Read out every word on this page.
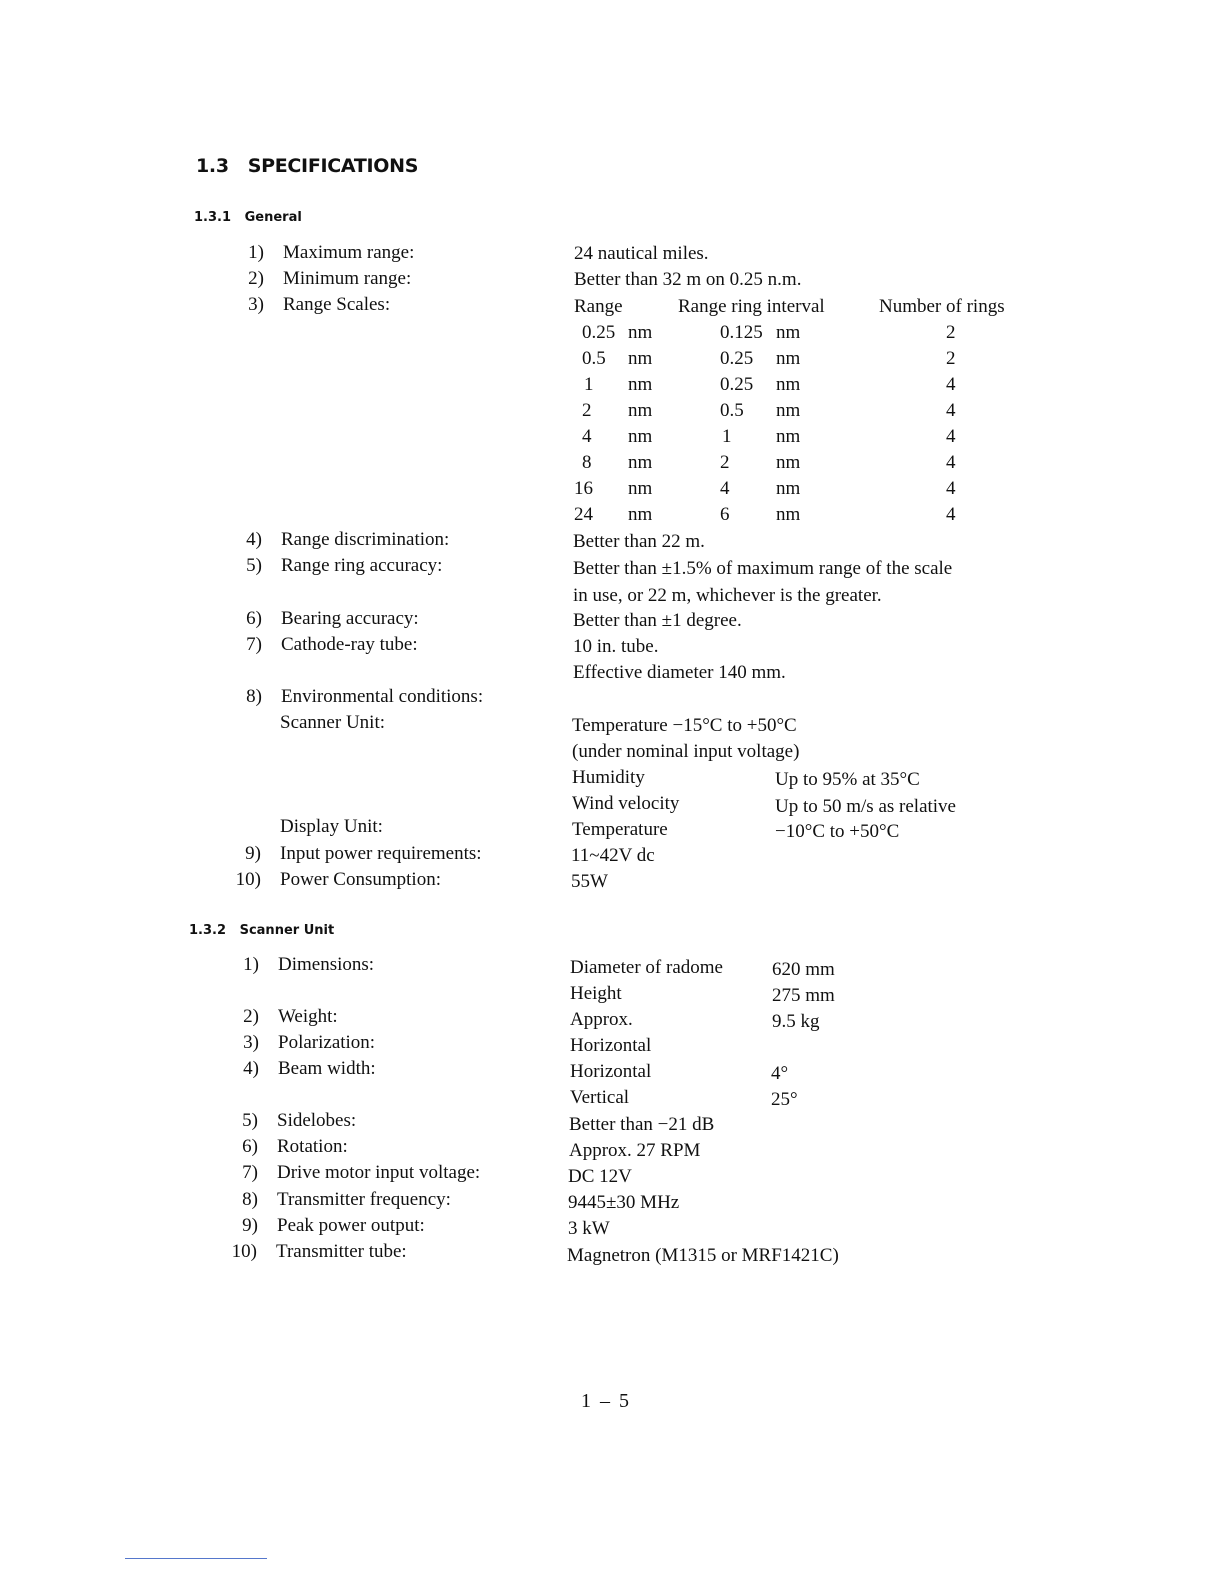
1.3 SPECIFICATIONS
1.3.1 General
1) Maximum range:	24 nautical miles.
2) Minimum range:	Better than 32 m on 0.25 n.m.
3) Range Scales:	Range	Range ring interval	Number of rings
0.25 nm	0.125 nm	2
0.5 nm	0.25 nm	2
1 nm	0.25 nm	4
2 nm	0.5 nm	4
4 nm	1 nm	4
8 nm	2 nm	4
16 nm	4 nm	4
24 nm	6 nm	4
4) Range discrimination:	Better than 22 m.
5) Range ring accuracy:	Better than ±1.5% of maximum range of the scale
in use, or 22 m, whichever is the greater.
6) Bearing accuracy:	Better than ±1 degree.
7) Cathode-ray tube:	10 in. tube.
Effective diameter 140 mm.
8) Environmental conditions:
Scanner Unit:	Temperature −15°C to +50°C
(under nominal input voltage)
Humidity	Up to 95% at 35°C
Wind velocity	Up to 50 m/s as relative
Display Unit:	Temperature	−10°C to +50°C
9) Input power requirements:	11~42V dc
10) Power Consumption:	55W
1.3.2 Scanner Unit
1) Dimensions:	Diameter of radome	620 mm
Height	275 mm
2) Weight:	Approx.	9.5 kg
3) Polarization:	Horizontal
4) Beam width:	Horizontal	4°
Vertical	25°
5) Sidelobes:	Better than −21 dB
6) Rotation:	Approx. 27 RPM
7) Drive motor input voltage:	DC 12V
8) Transmitter frequency:	9445±30 MHz
9) Peak power output:	3 kW
10) Transmitter tube:	Magnetron (M1315 or MRF1421C)
1 – 5
